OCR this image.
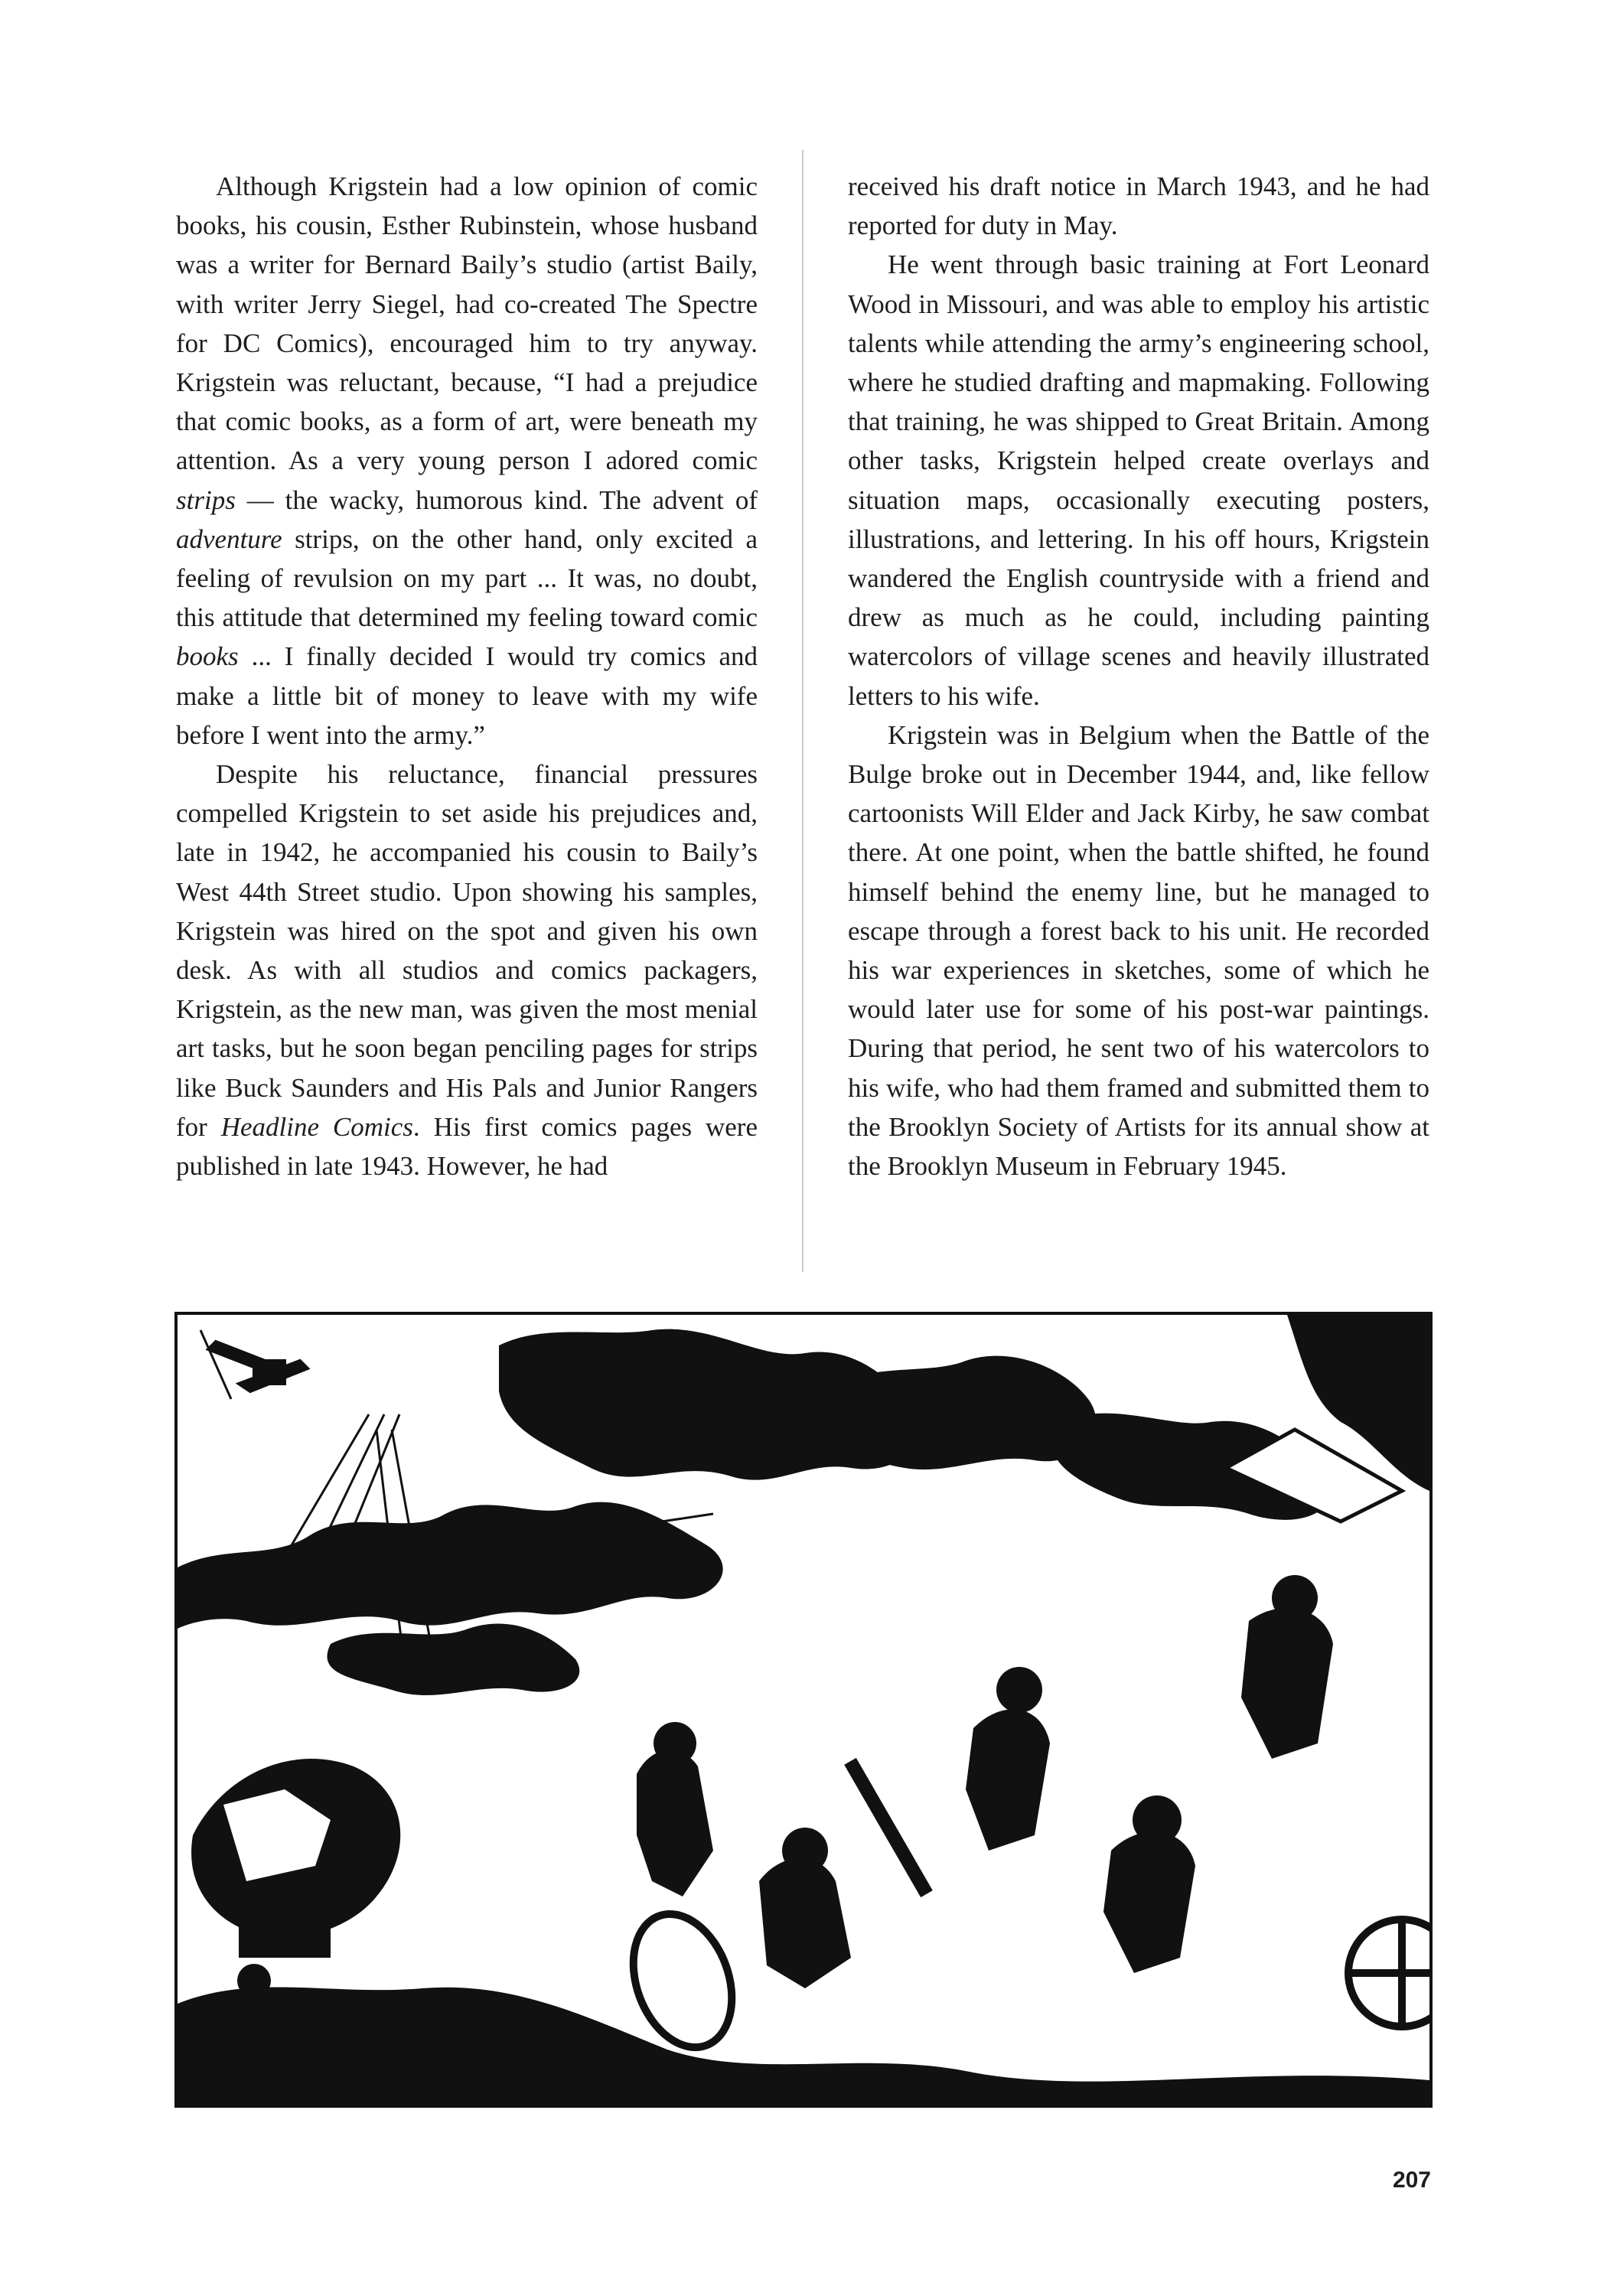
Although Krigstein had a low opinion of comic books, his cousin, Esther Rubinstein, whose husband was a writer for Bernard Baily’s studio (artist Baily, with writer Jerry Siegel, had co-created The Spectre for DC Comics), encouraged him to try anyway. Krigstein was reluctant, because, “I had a prejudice that comic books, as a form of art, were beneath my attention. As a very young person I adored comic strips — the wacky, humorous kind. The advent of adventure strips, on the other hand, only excited a feeling of revulsion on my part ... It was, no doubt, this attitude that determined my feeling toward comic books ... I finally decided I would try comics and make a little bit of money to leave with my wife before I went into the army.”

Despite his reluctance, financial pressures compelled Krigstein to set aside his prejudices and, late in 1942, he accompanied his cousin to Baily’s West 44th Street studio. Upon showing his samples, Krigstein was hired on the spot and given his own desk. As with all studios and comics packagers, Krigstein, as the new man, was given the most menial art tasks, but he soon began penciling pages for strips like Buck Saunders and His Pals and Junior Rangers for Headline Comics. His first comics pages were published in late 1943. However, he had

received his draft notice in March 1943, and he had reported for duty in May.

He went through basic training at Fort Leonard Wood in Missouri, and was able to employ his artistic talents while attending the army’s engineering school, where he studied drafting and mapmaking. Following that training, he was shipped to Great Britain. Among other tasks, Krigstein helped create overlays and situation maps, occasionally executing posters, illustrations, and lettering. In his off hours, Krigstein wandered the English countryside with a friend and drew as much as he could, including painting watercolors of village scenes and heavily illustrated letters to his wife.

Krigstein was in Belgium when the Battle of the Bulge broke out in December 1944, and, like fellow cartoonists Will Elder and Jack Kirby, he saw combat there. At one point, when the battle shifted, he found himself behind the enemy line, but he managed to escape through a forest back to his unit. He recorded his war experiences in sketches, some of which he would later use for some of his post-war paintings. During that period, he sent two of his watercolors to his wife, who had them framed and submitted them to the Brooklyn Society of Artists for its annual show at the Brooklyn Museum in February 1945.

207
